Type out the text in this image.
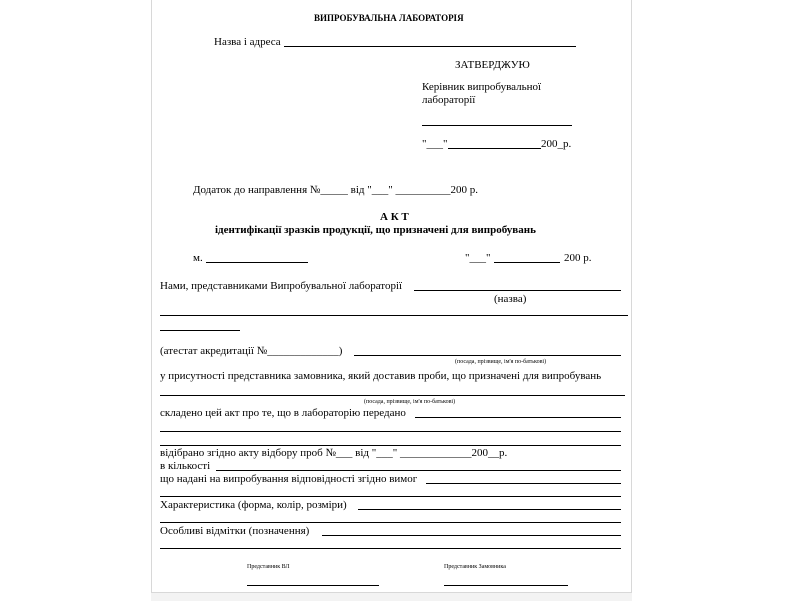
ВИПРОБУВАЛЬНА ЛАБОРАТОРІЯ
Назва і адреса
ЗАТВЕРДЖУЮ
Керівник випробувальної
лабораторії
"___"	200_р.
Додаток до направлення №_____ від "___" __________200 р.
А К Т
ідентифікації зразків продукції, що призначені для випробувань
м.	"___"	200 р.
Нами, представниками Випробувальної лабораторії
(назва)
(атестат акредитації №_____________)
(посада, прізвище, ім'я по-батькові)
у присутності представника замовника, який доставив проби, що призначені для випробувань
(посада, прізвище, ім'я по-батькові)
складено цей акт про те, що в лабораторію передано
відібрано згідно акту відбору проб №___ від "___" _____________200__р.
в кількості
що надані на випробування відповідності згідно вимог
Характеристика (форма, колір, розміри)
Особливі відмітки (позначення)
Представник ВЛ	Представник Замовника
